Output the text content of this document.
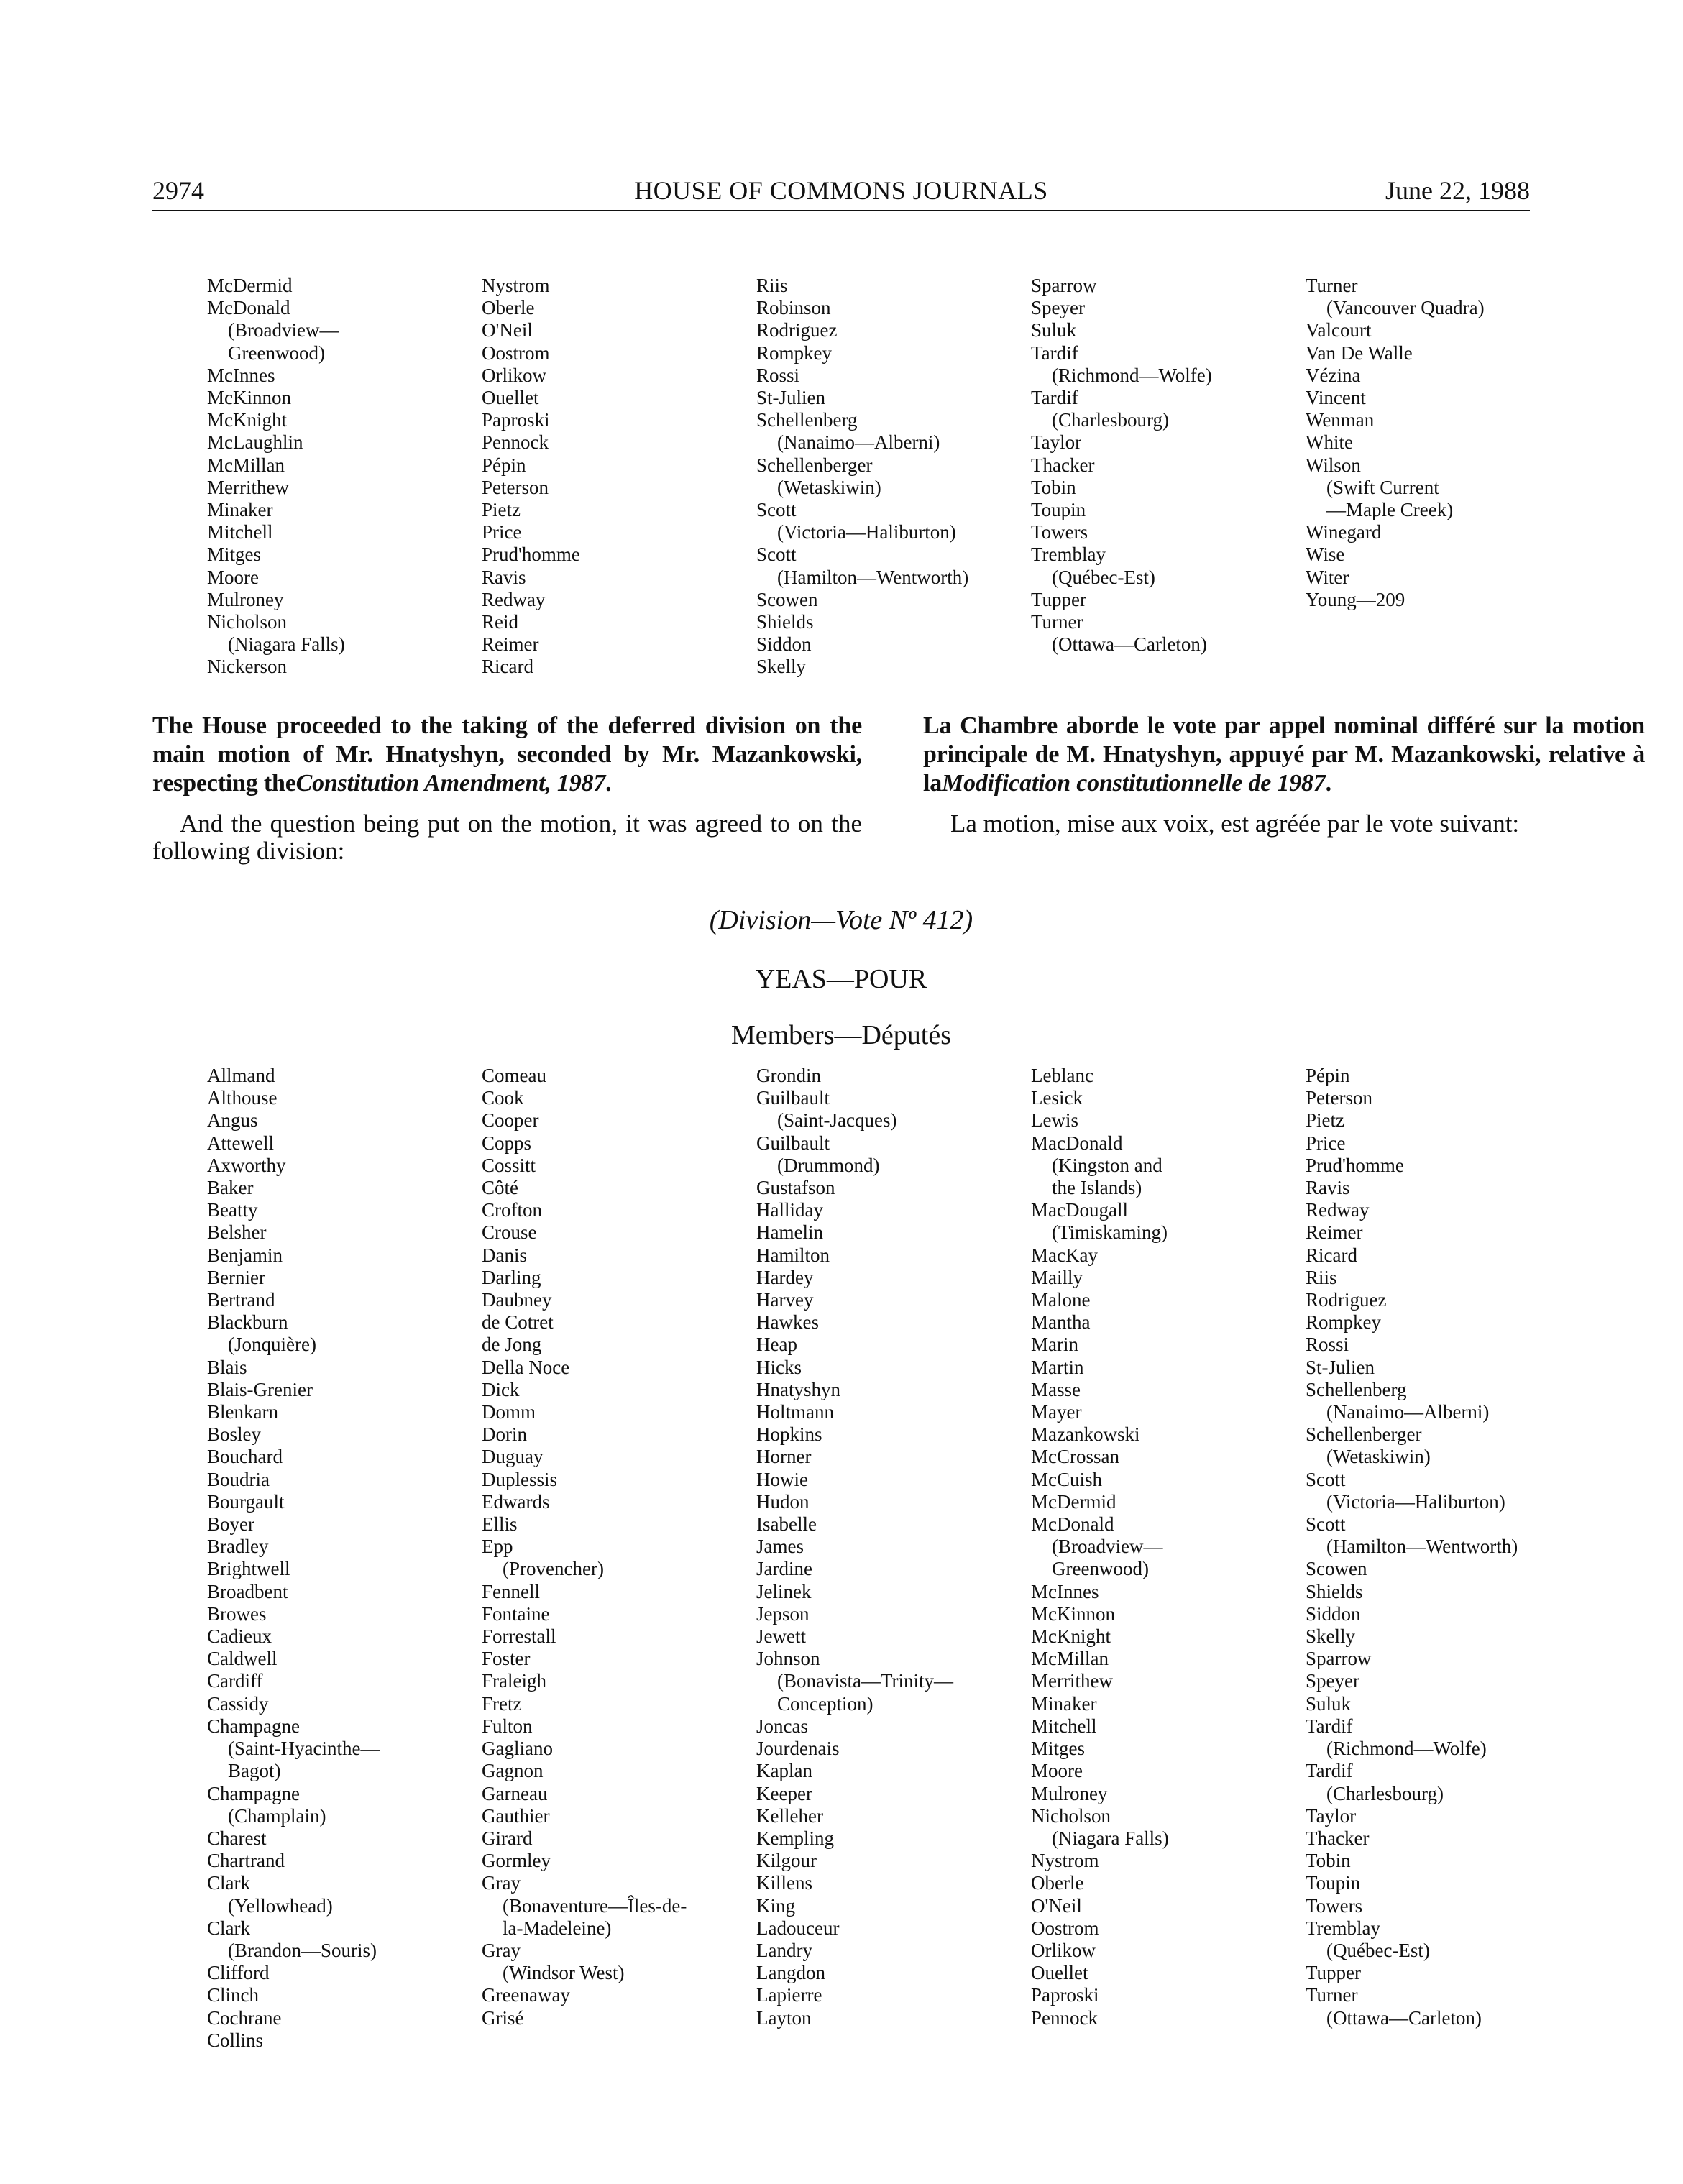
2974	HOUSE OF COMMONS JOURNALS	June 22, 1988
McDermid
McDonald
(Broadview—
Greenwood)
McInnes
McKinnon
McKnight
McLaughlin
McMillan
Merrithew
Minaker
Mitchell
Mitges
Moore
Mulroney
Nicholson
(Niagara Falls)
Nickerson
Nystrom
Oberle
O'Neil
Oostrom
Orlikow
Ouellet
Paproski
Pennock
Pépin
Peterson
Pietz
Price
Prud'homme
Ravis
Redway
Reid
Reimer
Ricard
Riis
Robinson
Rodriguez
Rompkey
Rossi
St-Julien
Schellenberg
(Nanaimo—Alberni)
Schellenberger
(Wetaskiwin)
Scott
(Victoria—Haliburton)
Scott
(Hamilton—Wentworth)
Scowen
Shields
Siddon
Skelly
Sparrow
Speyer
Suluk
Tardif
(Richmond—Wolfe)
Tardif
(Charlesbourg)
Taylor
Thacker
Tobin
Toupin
Towers
Tremblay
(Québec-Est)
Tupper
Turner
(Ottawa—Carleton)
Turner
(Vancouver Quadra)
Valcourt
Van De Walle
Vézina
Vincent
Wenman
White
Wilson
(Swift Current
—Maple Creek)
Winegard
Wise
Witer
Young—209

The House proceeded to the taking of the deferred division on the main motion of Mr. Hnatyshyn, seconded by Mr. Mazankowski, respecting theConstitution Amendment, 1987.

And the question being put on the motion, it was agreed to on the following division:

La Chambre aborde le vote par appel nominal différé sur la motion principale de M. Hnatyshyn, appuyé par M. Mazankowski, relative à laModification constitutionnelle de 1987.

La motion, mise aux voix, est agréée par le vote suivant:

(Division—Vote Nº 412)
YEAS—POUR
Members—Députés
Allmand
Althouse
Angus
Attewell
Axworthy
Baker
Beatty
Belsher
Benjamin
Bernier
Bertrand
Blackburn
(Jonquière)
Blais
Blais-Grenier
Blenkarn
Bosley
Bouchard
Boudria
Bourgault
Boyer
Bradley
Brightwell
Broadbent
Browes
Cadieux
Caldwell
Cardiff
Cassidy
Champagne
(Saint-Hyacinthe—
Bagot)
Champagne
(Champlain)
Charest
Chartrand
Clark
(Yellowhead)
Clark
(Brandon—Souris)
Clifford
Clinch
Cochrane
Collins
Comeau
Cook
Cooper
Copps
Cossitt
Côté
Crofton
Crouse
Danis
Darling
Daubney
de Cotret
de Jong
Della Noce
Dick
Domm
Dorin
Duguay
Duplessis
Edwards
Ellis
Epp
(Provencher)
Fennell
Fontaine
Forrestall
Foster
Fraleigh
Fretz
Fulton
Gagliano
Gagnon
Garneau
Gauthier
Girard
Gormley
Gray
(Bonaventure—Îles-de-
la-Madeleine)
Gray
(Windsor West)
Greenaway
Grisé
Grondin
Guilbault
(Saint-Jacques)
Guilbault
(Drummond)
Gustafson
Halliday
Hamelin
Hamilton
Hardey
Harvey
Hawkes
Heap
Hicks
Hnatyshyn
Holtmann
Hopkins
Horner
Howie
Hudon
Isabelle
James
Jardine
Jelinek
Jepson
Jewett
Johnson
(Bonavista—Trinity—
Conception)
Joncas
Jourdenais
Kaplan
Keeper
Kelleher
Kempling
Kilgour
Killens
King
Ladouceur
Landry
Langdon
Lapierre
Layton
Leblanc
Lesick
Lewis
MacDonald
(Kingston and
the Islands)
MacDougall
(Timiskaming)
MacKay
Mailly
Malone
Mantha
Marin
Martin
Masse
Mayer
Mazankowski
McCrossan
McCuish
McDermid
McDonald
(Broadview—
Greenwood)
McInnes
McKinnon
McKnight
McMillan
Merrithew
Minaker
Mitchell
Mitges
Moore
Mulroney
Nicholson
(Niagara Falls)
Nystrom
Oberle
O'Neil
Oostrom
Orlikow
Ouellet
Paproski
Pennock
Pépin
Peterson
Pietz
Price
Prud'homme
Ravis
Redway
Reimer
Ricard
Riis
Rodriguez
Rompkey
Rossi
St-Julien
Schellenberg
(Nanaimo—Alberni)
Schellenberger
(Wetaskiwin)
Scott
(Victoria—Haliburton)
Scott
(Hamilton—Wentworth)
Scowen
Shields
Siddon
Skelly
Sparrow
Speyer
Suluk
Tardif
(Richmond—Wolfe)
Tardif
(Charlesbourg)
Taylor
Thacker
Tobin
Toupin
Towers
Tremblay
(Québec-Est)
Tupper
Turner
(Ottawa—Carleton)
